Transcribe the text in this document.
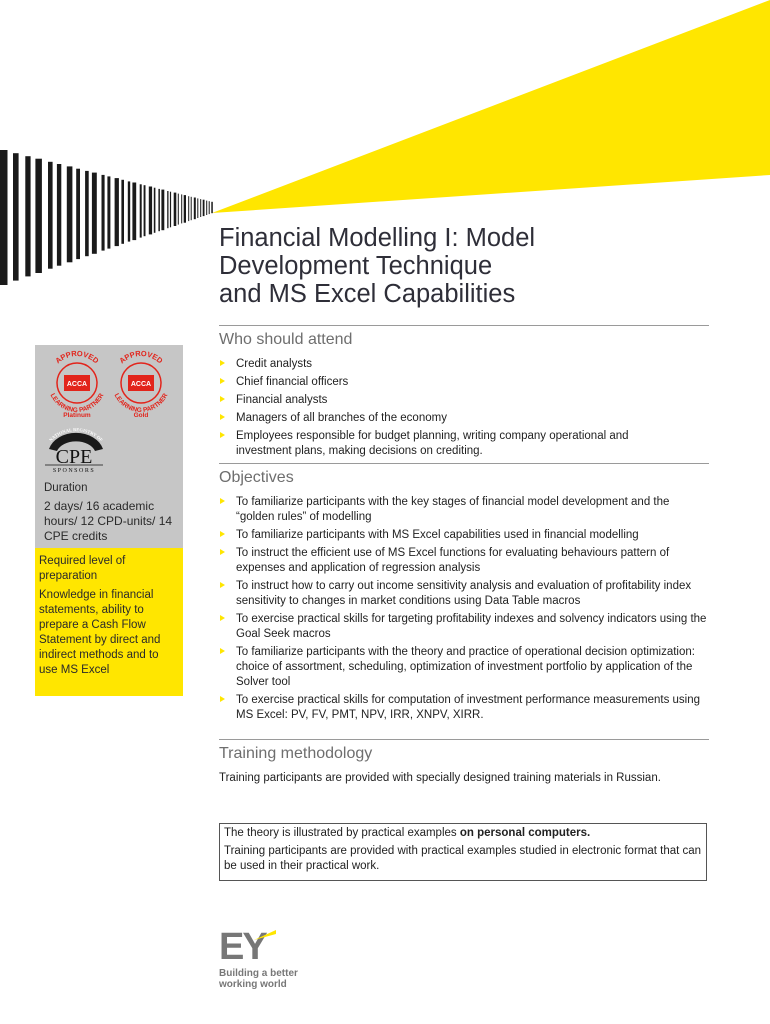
Financial Modelling I: Model
Development Technique
and MS Excel Capabilities
Who should attend
Credit analysts
Chief financial officers
Financial analysts
Managers of all branches of the economy
Employees responsible for budget planning, writing company operational and investment plans, making decisions on crediting.
Objectives
To familiarize participants with the key stages of financial model development and the “golden rules” of modelling
To familiarize participants with MS Excel capabilities used in financial modelling
To instruct the efficient use of MS Excel functions for evaluating behaviours pattern of expenses and application of regression analysis
To instruct how to carry out income sensitivity analysis and evaluation of profitability index sensitivity to changes in market conditions using Data Table macros
To exercise practical skills for targeting profitability indexes and solvency indicators using the Goal Seek macros
To familiarize participants with the theory and practice of operational decision optimization: choice of assortment, scheduling, optimization of investment portfolio by application of the Solver tool
To exercise practical skills for computation of investment performance measurements using MS Excel: PV, FV, PMT, NPV, IRR, XNPV, XIRR.
Training methodology
Training participants are provided with specially designed training materials in Russian.

The theory is illustrated by practical examples on personal computers.

Training participants are provided with practical examples studied in electronic format that can be used in their practical work.

APPROVED
LEARNING PARTNER
ACCA
Platinum
APPROVED
LEARNING PARTNER
ACCA
Gold
NATIONAL REGISTRY OF
CPE
SPONSORS
Duration
2 days/ 16 academic hours/ 12 CPD-units/ 14 CPE credits
Required level of preparation
Knowledge in financial statements, ability to prepare a Cash Flow Statement by direct and indirect methods and to use MS Excel
EY
Building a better
working world
